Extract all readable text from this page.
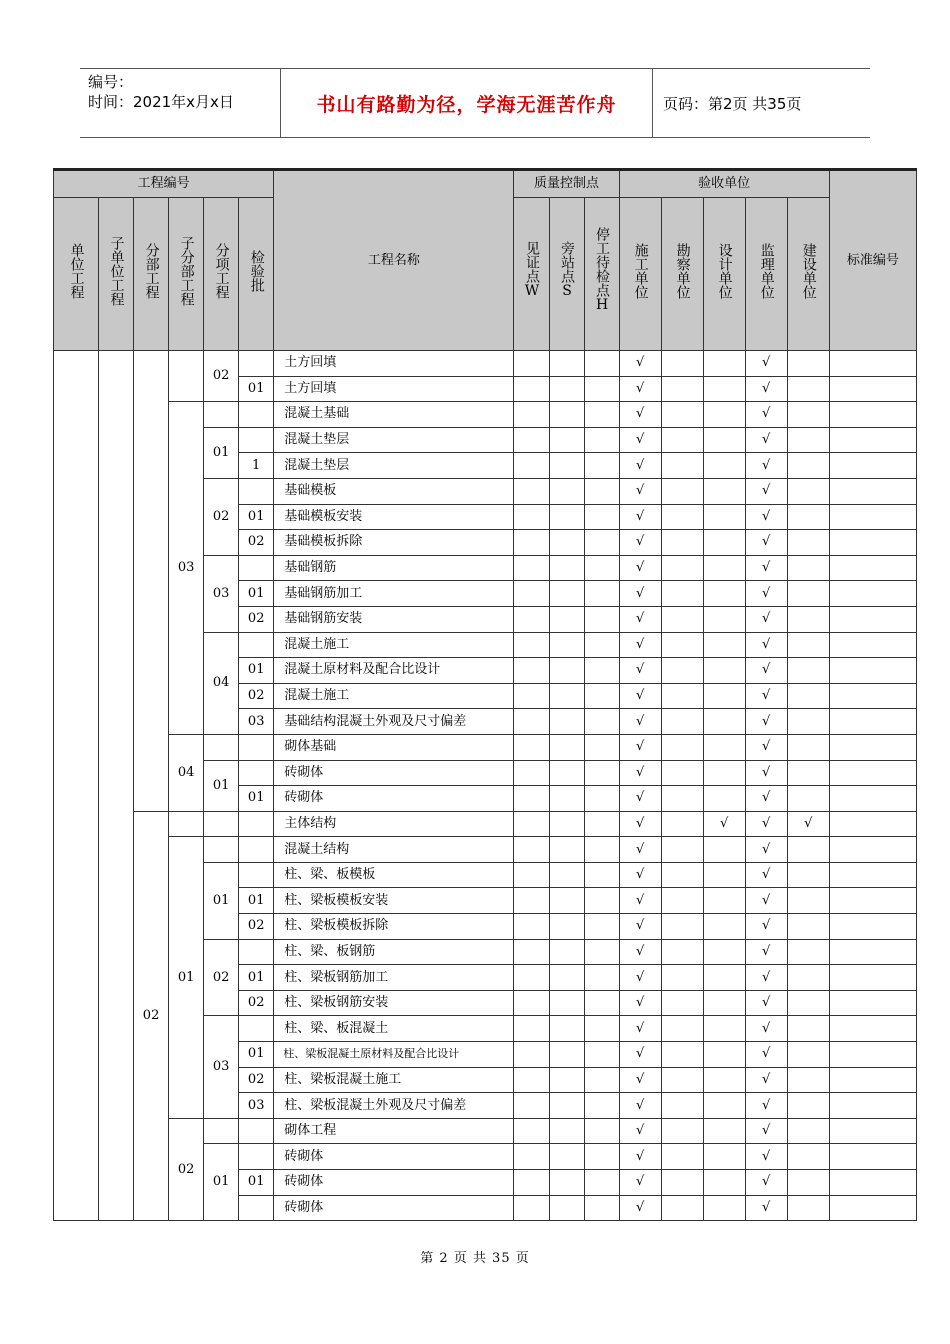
编号：
时间：2021年x月x日	书山有路勤为径，学海无涯苦作舟	页码：第2页 共35页
工程编号						工程名称	质量控制点			验收单位					标准编号
单位工程	子单位工程	分部工程	子分部工程	分项工程	检验批		见证点W	旁站点S	停工待检点H	施工单位	勘察单位	设计单位	监理单位	建设单位	
				02		土方回填				√			√		
					01	土方回填				√			√		
			03			混凝土基础				√			√		
				01		混凝土垫层				√			√		
					1	混凝土垫层				√			√		
				02		基础模板				√			√		
					01	基础模板安装				√			√		
					02	基础模板拆除				√			√		
				03		基础钢筋				√			√		
					01	基础钢筋加工				√			√		
					02	基础钢筋安装				√			√		
				04		混凝土施工				√			√		
					01	混凝土原材料及配合比设计				√			√		
					02	混凝土施工				√			√		
					03	基础结构混凝土外观及尺寸偏差				√			√		
			04			砌体基础				√			√		
				01		砖砌体				√			√		
					01	砖砌体				√			√		
		02				主体结构				√		√	√	√	
			01			混凝土结构				√			√		
				01		柱、梁、板模板				√			√		
					01	柱、梁板模板安装				√			√		
					02	柱、梁板模板拆除				√			√		
				02		柱、梁、板钢筋				√			√		
					01	柱、梁板钢筋加工				√			√		
					02	柱、梁板钢筋安装				√			√		
				03		柱、梁、板混凝土				√			√		
					01	柱、梁板混凝土原材料及配合比设计				√			√		
					02	柱、梁板混凝土施工				√			√		
					03	柱、梁板混凝土外观及尺寸偏差				√			√		
			02			砌体工程				√			√		
				01		砖砌体				√			√		
					01	砖砌体				√			√		
						砖砌体				√			√		
第 2 页 共 35 页
